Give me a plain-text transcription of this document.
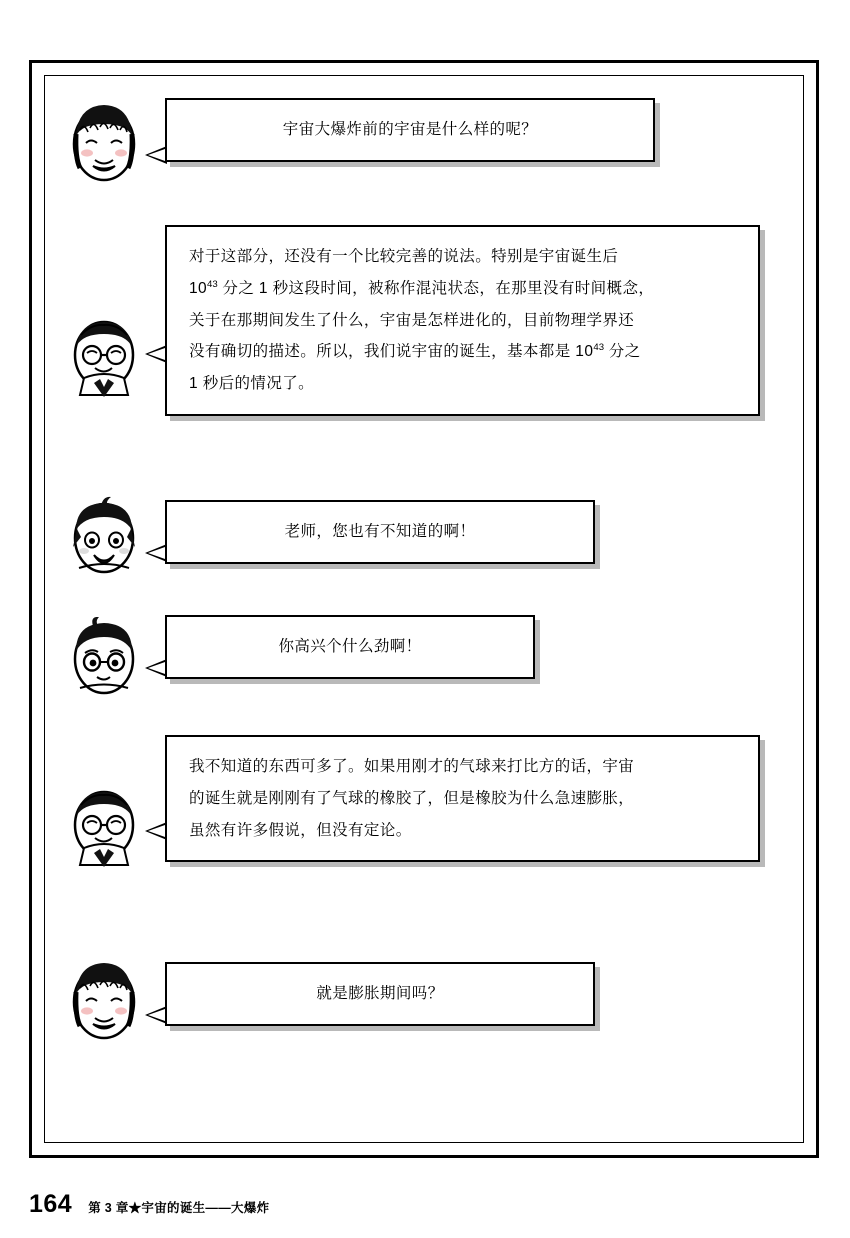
宇宙大爆炸前的宇宙是什么样的呢？
对于这部分，还没有一个比较完善的说法。特别是宇宙诞生后
$10^{43}$ 分之 1 秒这段时间，被称作混沌状态，在那里没有时间概念，
关于在那期间发生了什么，宇宙是怎样进化的，目前物理学界还
没有确切的描述。所以，我们说宇宙的诞生，基本都是 $10^{43}$ 分之
1 秒后的情况了。
老师，您也有不知道的啊！
你高兴个什么劲啊！
我不知道的东西可多了。如果用刚才的气球来打比方的话，宇宙
的诞生就是刚刚有了气球的橡胶了，但是橡胶为什么急速膨胀，
虽然有许多假说，但没有定论。
就是膨胀期间吗？
164 第 3 章★宇宙的诞生——大爆炸
